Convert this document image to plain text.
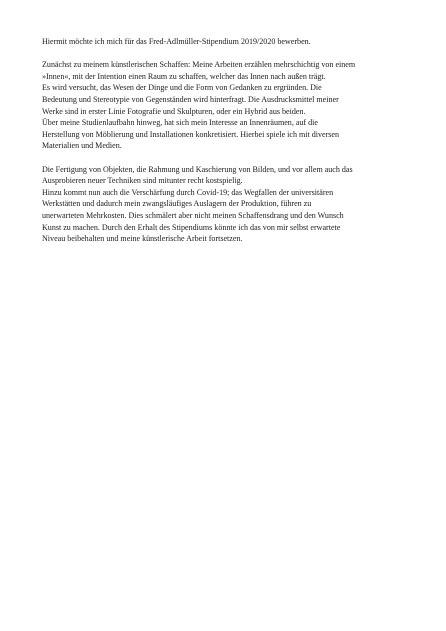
Hiermit möchte ich mich für das Fred-Adlmüller-Stipendium 2019/2020 bewerben.

Zunächst zu meinem künstlerischen Schaffen: Meine Arbeiten erzählen mehrschichtig von einem
»Innen«, mit der Intention einen Raum zu schaffen, welcher das Innen nach außen trägt.
Es wird versucht, das Wesen der Dinge und die Form von Gedanken zu ergründen. Die
Bedeutung und Stereotypie von Gegenständen wird hinterfragt. Die Ausdrucksmittel meiner
Werke sind in erster Linie Fotografie und Skulpturen, oder ein Hybrid aus beiden.
Über meine Studienlaufbahn hinweg, hat sich mein Interesse an Innenräumen, auf die
Herstellung von Möblierung und Installationen konkretisiert. Hierbei spiele ich mit diversen
Materialien und Medien.

Die Fertigung von Objekten, die Rahmung und Kaschierung von Bilden, und vor allem auch das
Ausprobieren neuer Techniken sind mitunter recht kostspielig.
Hinzu kommt nun auch die Verschärfung durch Covid-19; das Wegfallen der universitären
Werkstätten und dadurch mein zwangsläufiges Auslagern der Produktion, führen zu
unerwarteten Mehrkosten. Dies schmälert aber nicht meinen Schaffensdrang und den Wunsch
Kunst zu machen. Durch den Erhalt des Stipendiums könnte ich das von mir selbst erwartete
Niveau beibehalten und meine künstlerische Arbeit fortsetzen.
